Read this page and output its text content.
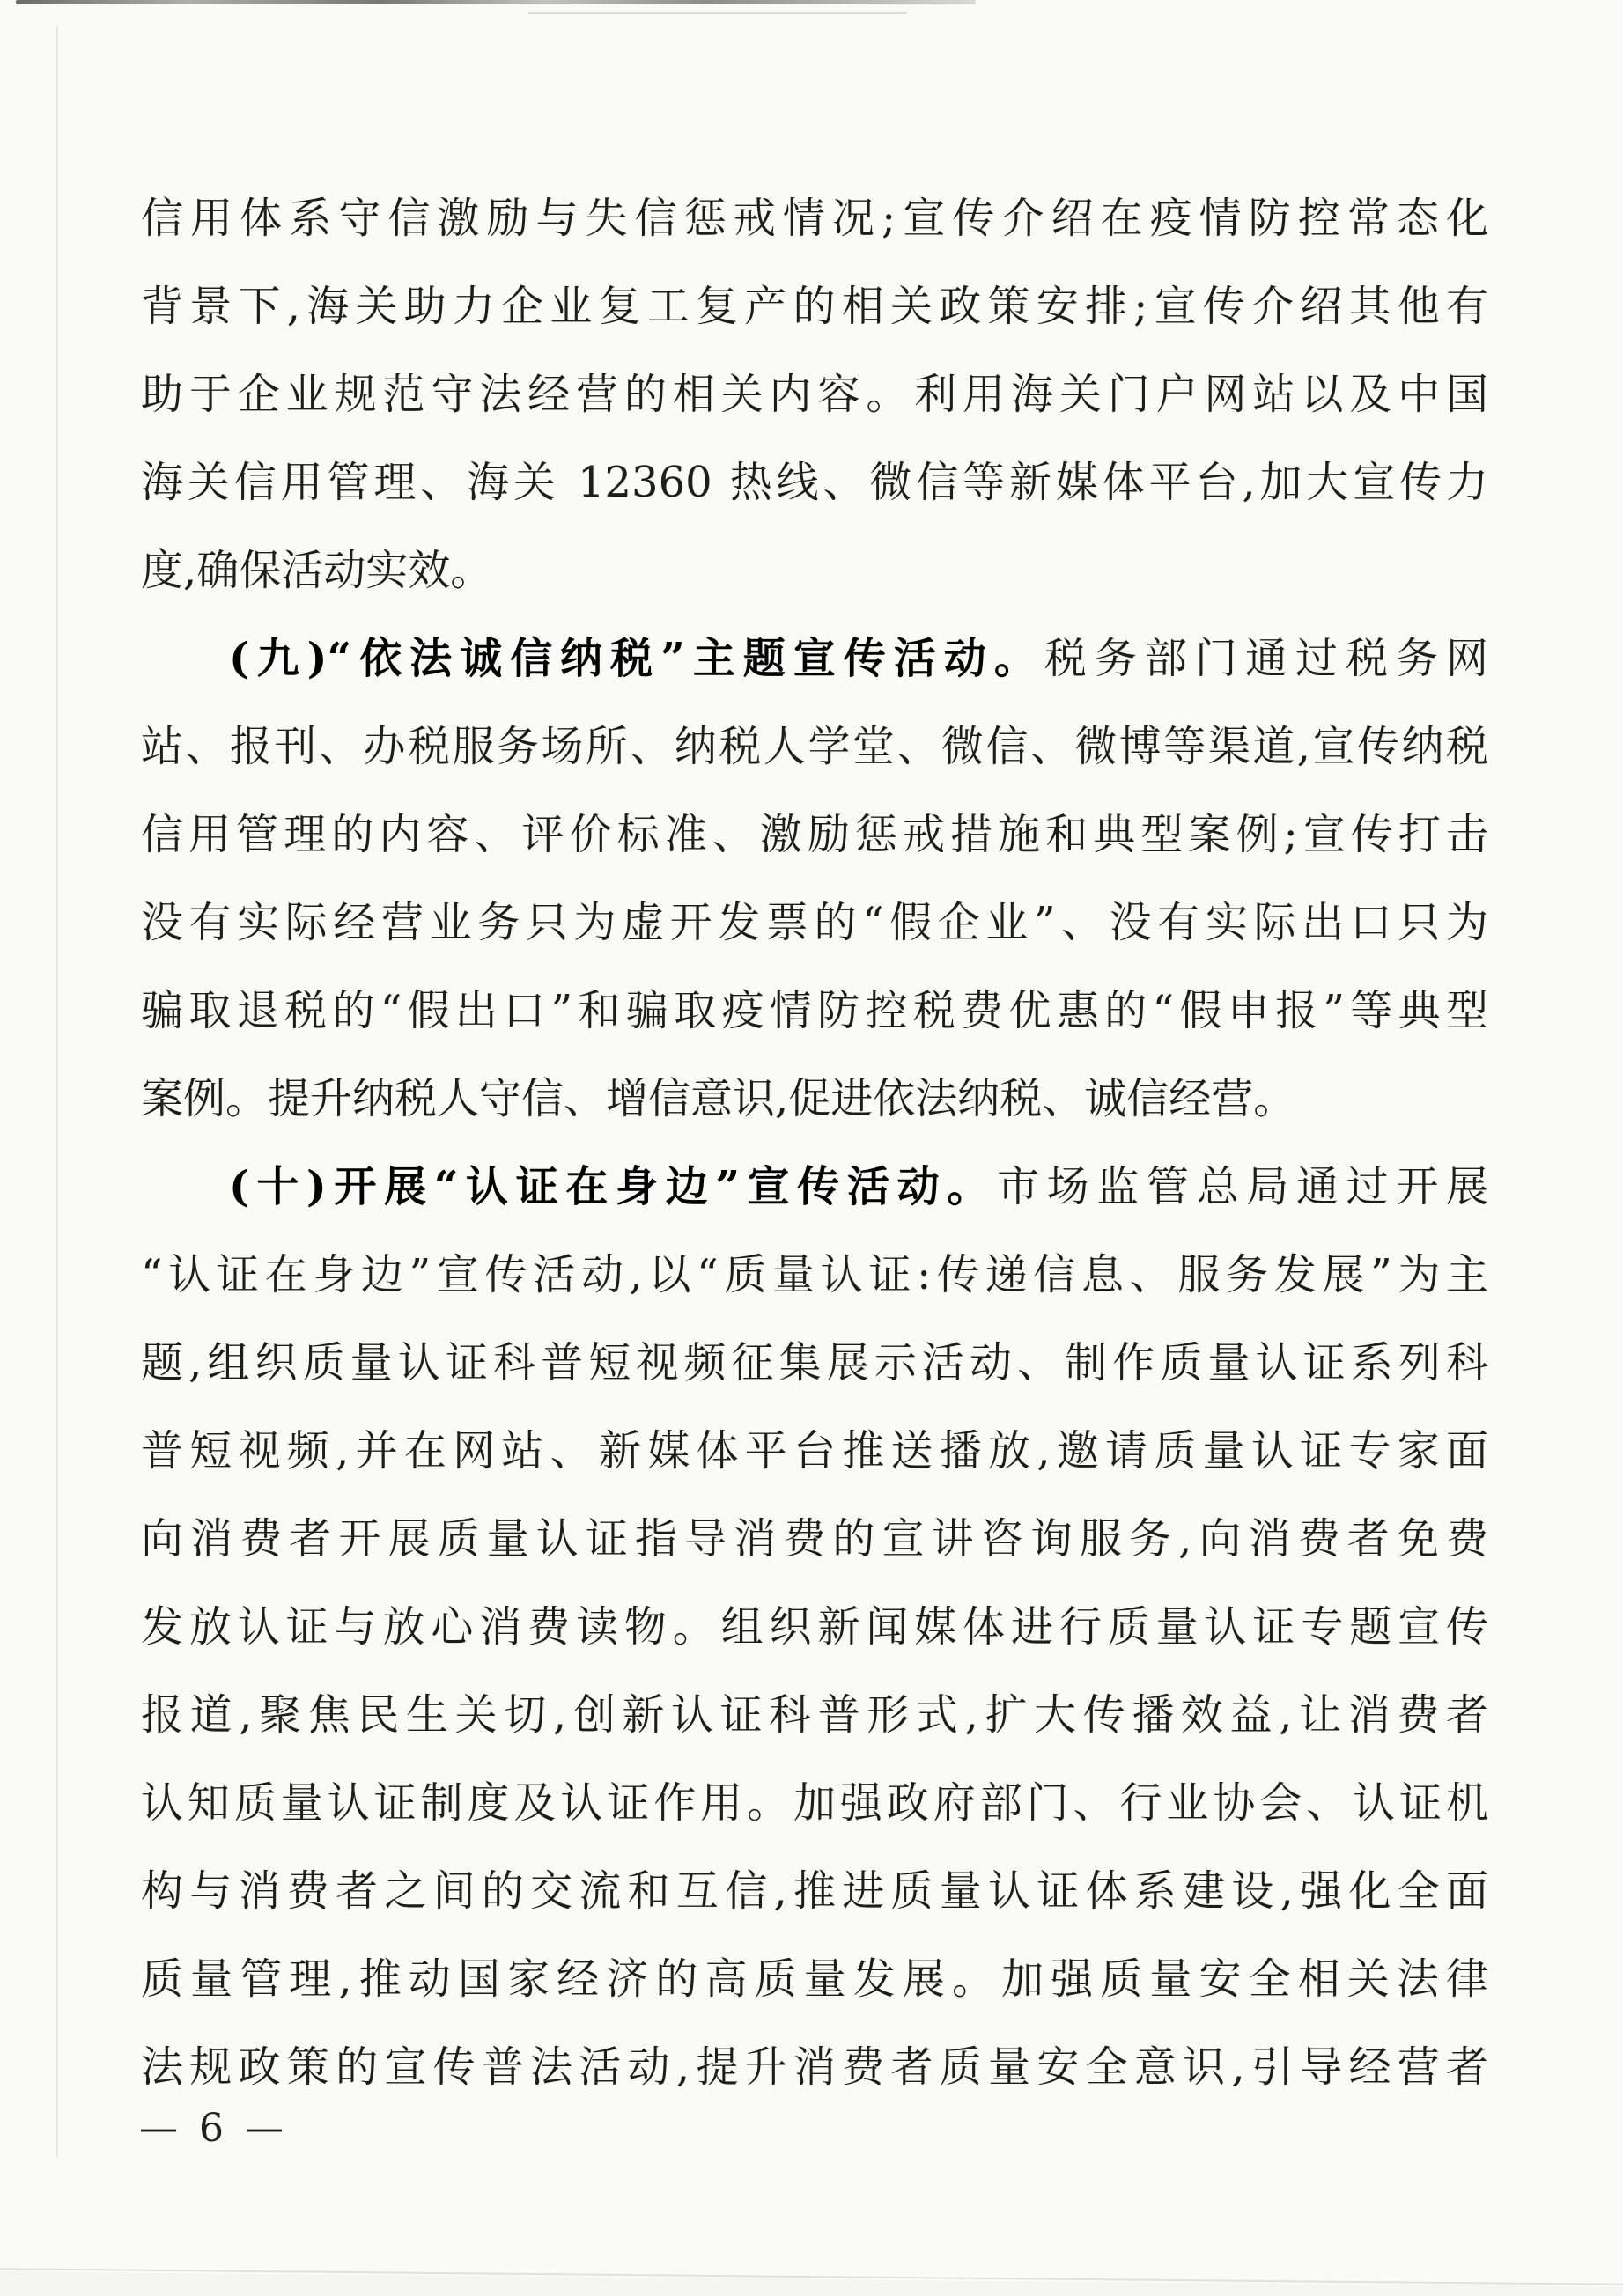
信用体系守信激励与失信惩戒情况;宣传介绍在疫情防控常态化
背景下,海关助力企业复工复产的相关政策安排;宣传介绍其他有
助于企业规范守法经营的相关内容。利用海关门户网站以及中国
海关信用管理、海关 12360 热线、微信等新媒体平台,加大宣传力
度,确保活动实效。
(九)“依法诚信纳税”主题宣传活动。税务部门通过税务网
站、报刊、办税服务场所、纳税人学堂、微信、微博等渠道,宣传纳税
信用管理的内容、评价标准、激励惩戒措施和典型案例;宣传打击
没有实际经营业务只为虚开发票的“假企业”、没有实际出口只为
骗取退税的“假出口”和骗取疫情防控税费优惠的“假申报”等典型
案例。提升纳税人守信、增信意识,促进依法纳税、诚信经营。
(十)开展“认证在身边”宣传活动。市场监管总局通过开展
“认证在身边”宣传活动,以“质量认证:传递信息、服务发展”为主
题,组织质量认证科普短视频征集展示活动、制作质量认证系列科
普短视频,并在网站、新媒体平台推送播放,邀请质量认证专家面
向消费者开展质量认证指导消费的宣讲咨询服务,向消费者免费
发放认证与放心消费读物。组织新闻媒体进行质量认证专题宣传
报道,聚焦民生关切,创新认证科普形式,扩大传播效益,让消费者
认知质量认证制度及认证作用。加强政府部门、行业协会、认证机
构与消费者之间的交流和互信,推进质量认证体系建设,强化全面
质量管理,推动国家经济的高质量发展。加强质量安全相关法律
法规政策的宣传普法活动,提升消费者质量安全意识,引导经营者
— 6 —
